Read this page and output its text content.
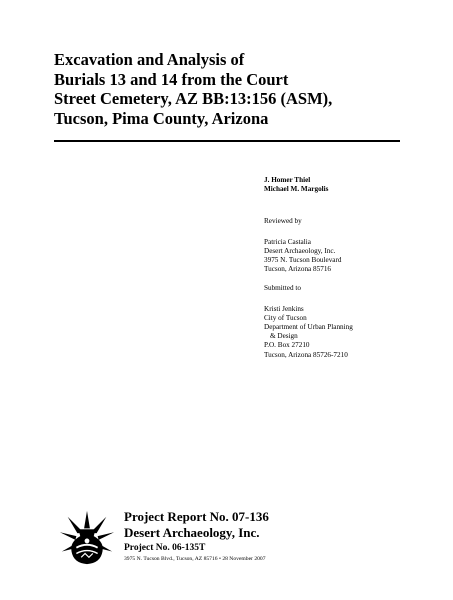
Excavation and Analysis of
Burials 13 and 14 from the Court
Street Cemetery, AZ BB:13:156 (ASM),
Tucson, Pima County, Arizona
J. Homer Thiel
Michael M. Margolis
Reviewed by
Patricia Castalia
Desert Archaeology, Inc.
3975 N. Tucson Boulevard
Tucson, Arizona 85716
Submitted to
Kristi Jenkins
City of Tucson
Department of Urban Planning
& Design
P.O. Box 27210
Tucson, Arizona 85726-7210
Project Report No. 07-136
Desert Archaeology, Inc.
Project No. 06-135T
3975 N. Tucson Blvd., Tucson, AZ 85716 • 28 November 2007
